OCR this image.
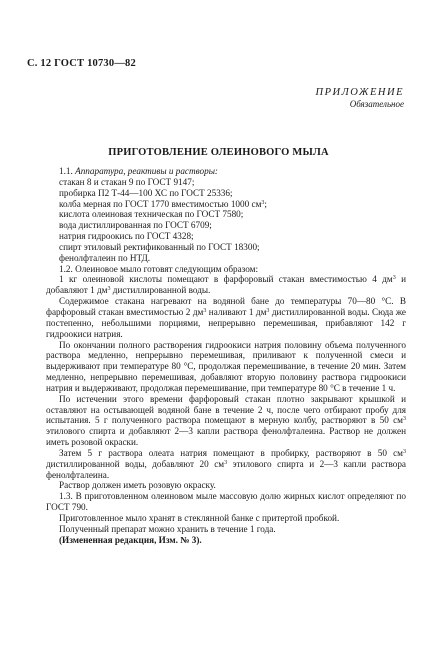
С. 12 ГОСТ 10730—82
ПРИЛОЖЕНИЕ
Обязательное
ПРИГОТОВЛЕНИЕ ОЛЕИНОВОГО МЫЛА

1.1. Аппаратура, реактивы и растворы:

стакан 8 и стакан 9 по ГОСТ 9147;

пробирка П2 Т-44—100 ХС по ГОСТ 25336;

колба мерная по ГОСТ 1770 вместимостью 1000 $см^3$;

кислота олеиновая техническая по ГОСТ 7580;

вода дистиллированная по ГОСТ 6709;

натрия гидроокись по ГОСТ 4328;

спирт этиловый ректификованный по ГОСТ 18300;

фенолфталеин по НТД.

1.2. Олеиновое мыло готовят следующим образом:

1 кг олеиновой кислоты помещают в фарфоровый стакан вместимостью 4 $дм^3$ и добавляют 1 $дм^3$ дистиллированной воды.

Содержимое стакана нагревают на водяной бане до температуры 70—80 °С. В фарфоровый стакан вместимостью 2 $дм^3$ наливают 1 $дм^3$ дистиллированной воды. Сюда же постепенно, небольшими порциями, непрерывно перемешивая, прибавляют 142 г гидроокиси натрия.

По окончании полного растворения гидроокиси натрия половину объема полученного раствора медленно, непрерывно перемешивая, приливают к полученной смеси и выдерживают при температуре 80 °С, продолжая перемешивание, в течение 20 мин. Затем медленно, непрерывно перемешивая, добавляют вторую половину раствора гидроокиси натрия и выдерживают, продолжая перемешивание, при температуре 80 °С в течение 1 ч.

По истечении этого времени фарфоровый стакан плотно закрывают крышкой и оставляют на остывающей водяной бане в течение 2 ч, после чего отбирают пробу для испытания. 5 г полученного раствора помещают в мерную колбу, растворяют в 50 $см^3$ этилового спирта и добавляют 2—3 капли раствора фенолфталеина. Раствор не должен иметь розовой окраски.

Затем 5 г раствора олеата натрия помещают в пробирку, растворяют в 50 $см^3$ дистиллированной воды, добавляют 20 $см^3$ этилового спирта и 2—3 капли раствора фенолфталеина.

Раствор должен иметь розовую окраску.

1.3. В приготовленном олеиновом мыле массовую долю жирных кислот определяют по ГОСТ 790.

Приготовленное мыло хранят в стеклянной банке с притертой пробкой.

Полученный препарат можно хранить в течение 1 года.

(Измененная редакция, Изм. № 3).
